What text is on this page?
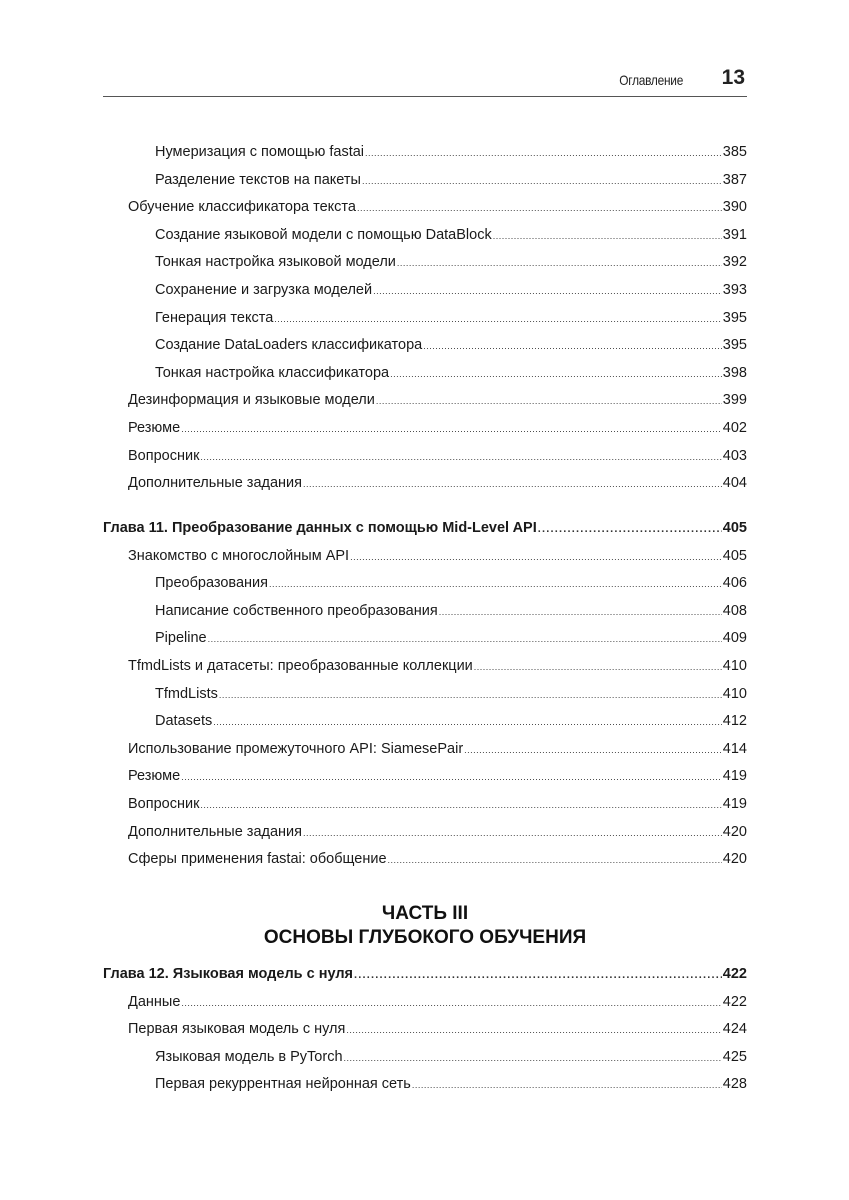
Оглавление 13
Нумеризация с помощью fastai .....	385
Разделение текстов на пакеты .....	387
Обучение классификатора текста .....	390
Создание языковой модели с помощью DataBlock .....	391
Тонкая настройка языковой модели .....	392
Сохранение и загрузка моделей .....	393
Генерация текста .....	395
Создание DataLoaders классификатора .....	395
Тонкая настройка классификатора .....	398
Дезинформация и языковые модели .....	399
Резюме .....	402
Вопросник .....	403
Дополнительные задания .....	404
Глава 11. Преобразование данных с помощью Mid-Level API .....	405
Знакомство с многослойным API .....	405
Преобразования .....	406
Написание собственного преобразования .....	408
Pipeline .....	409
TfmdLists и датасеты: преобразованные коллекции .....	410
TfmdLists .....	410
Datasets .....	412
Использование промежуточного API: SiamesePair .....	414
Резюме .....	419
Вопросник .....	419
Дополнительные задания .....	420
Сферы применения fastai: обобщение .....	420
Глава 12. Языковая модель с нуля .....	422
Данные .....	422
Первая языковая модель с нуля .....	424
Языковая модель в PyTorch .....	425
Первая рекуррентная нейронная сеть .....	428
ЧАСТЬ III
ОСНОВЫ ГЛУБОКОГО ОБУЧЕНИЯ
